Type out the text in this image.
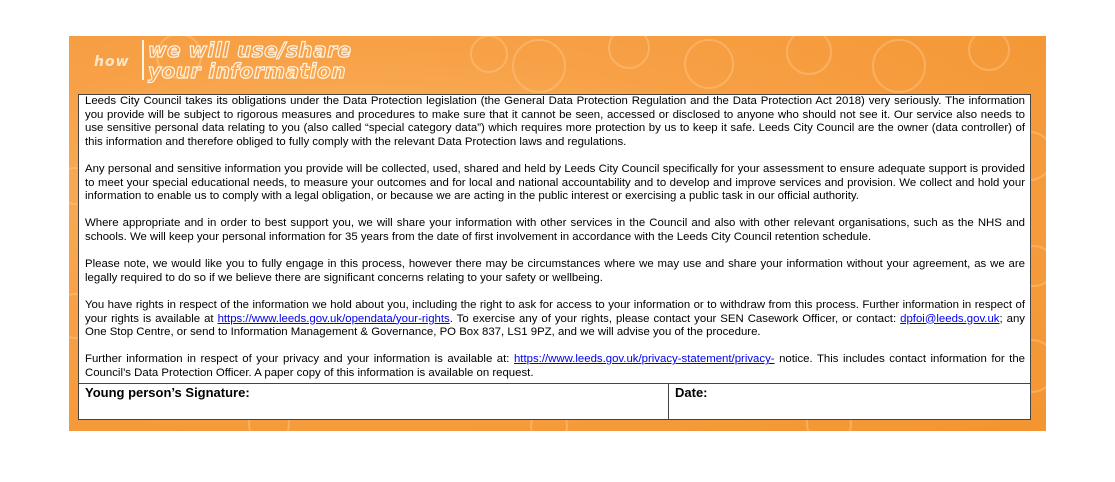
how we will use/share
your information

Leeds City Council takes its obligations under the Data Protection legislation (the General Data Protection Regulation and the Data Protection Act 2018) very seriously. The information you provide will be subject to rigorous measures and procedures to make sure that it cannot be seen, accessed or disclosed to anyone who should not see it. Our service also needs to use sensitive personal data relating to you (also called “special category data”) which requires more protection by us to keep it safe. Leeds City Council are the owner (data controller) of this information and therefore obliged to fully comply with the relevant Data Protection laws and regulations.

Any personal and sensitive information you provide will be collected, used, shared and held by Leeds City Council specifically for your assessment to ensure adequate support is provided to meet your special educational needs, to measure your outcomes and for local and national accountability and to develop and improve services and provision. We collect and hold your information to enable us to comply with a legal obligation, or because we are acting in the public interest or exercising a public task in our official authority.

Where appropriate and in order to best support you, we will share your information with other services in the Council and also with other relevant organisations, such as the NHS and schools. We will keep your personal information for 35 years from the date of first involvement in accordance with the Leeds City Council retention schedule.

Please note, we would like you to fully engage in this process, however there may be circumstances where we may use and share your information without your agreement, as we are legally required to do so if we believe there are significant concerns relating to your safety or wellbeing.

You have rights in respect of the information we hold about you, including the right to ask for access to your information or to withdraw from this process. Further information in respect of your rights is available at https://www.leeds.gov.uk/opendata/your-rights. To exercise any of your rights, please contact your SEN Casework Officer, or contact: dpfoi@leeds.gov.uk; any One Stop Centre, or send to Information Management & Governance, PO Box 837, LS1 9PZ, and we will advise you of the procedure.

Further information in respect of your privacy and your information is available at: https://www.leeds.gov.uk/privacy-statement/privacy- notice. This includes contact information for the Council’s Data Protection Officer. A paper copy of this information is available on request.

Young person’s Signature:	Date:
